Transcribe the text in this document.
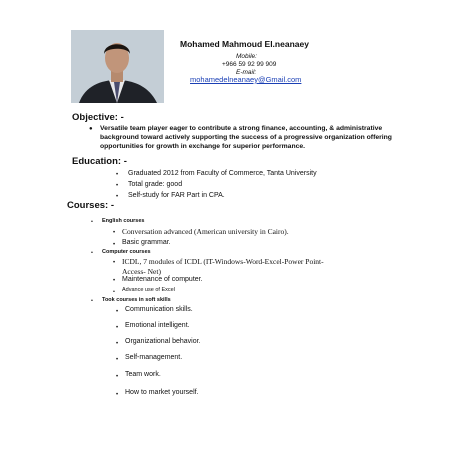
Mohamed Mahmoud El.neanaey
Mobile:
+966 59 92 99 909
E-mail:
mohamedelneanaey@Gmail.com
Objective: -
● Versatile team player eager to contribute a strong finance, accounting, & administrative background toward actively supporting the success of a progressive organization offering opportunities for growth in exchange for superior performance.
Education: -
• Graduated 2012 from Faculty of Commerce, Tanta University
• Total grade: good
• Self-study for FAR Part in CPA.
Courses: -
• English courses
• Conversation advanced (American university in Cairo).
• Basic grammar.
• Computer courses
• ICDL, 7 modules of ICDL (IT-Windows-Word-Excel-Power Point-
Access- Net)
• Maintenance of computer.
• Advance use of Excel
• Took courses in soft skills
• Communication skills.
• Emotional intelligent.
• Organizational behavior.
• Self-management.
• Team work.
• How to market yourself.
